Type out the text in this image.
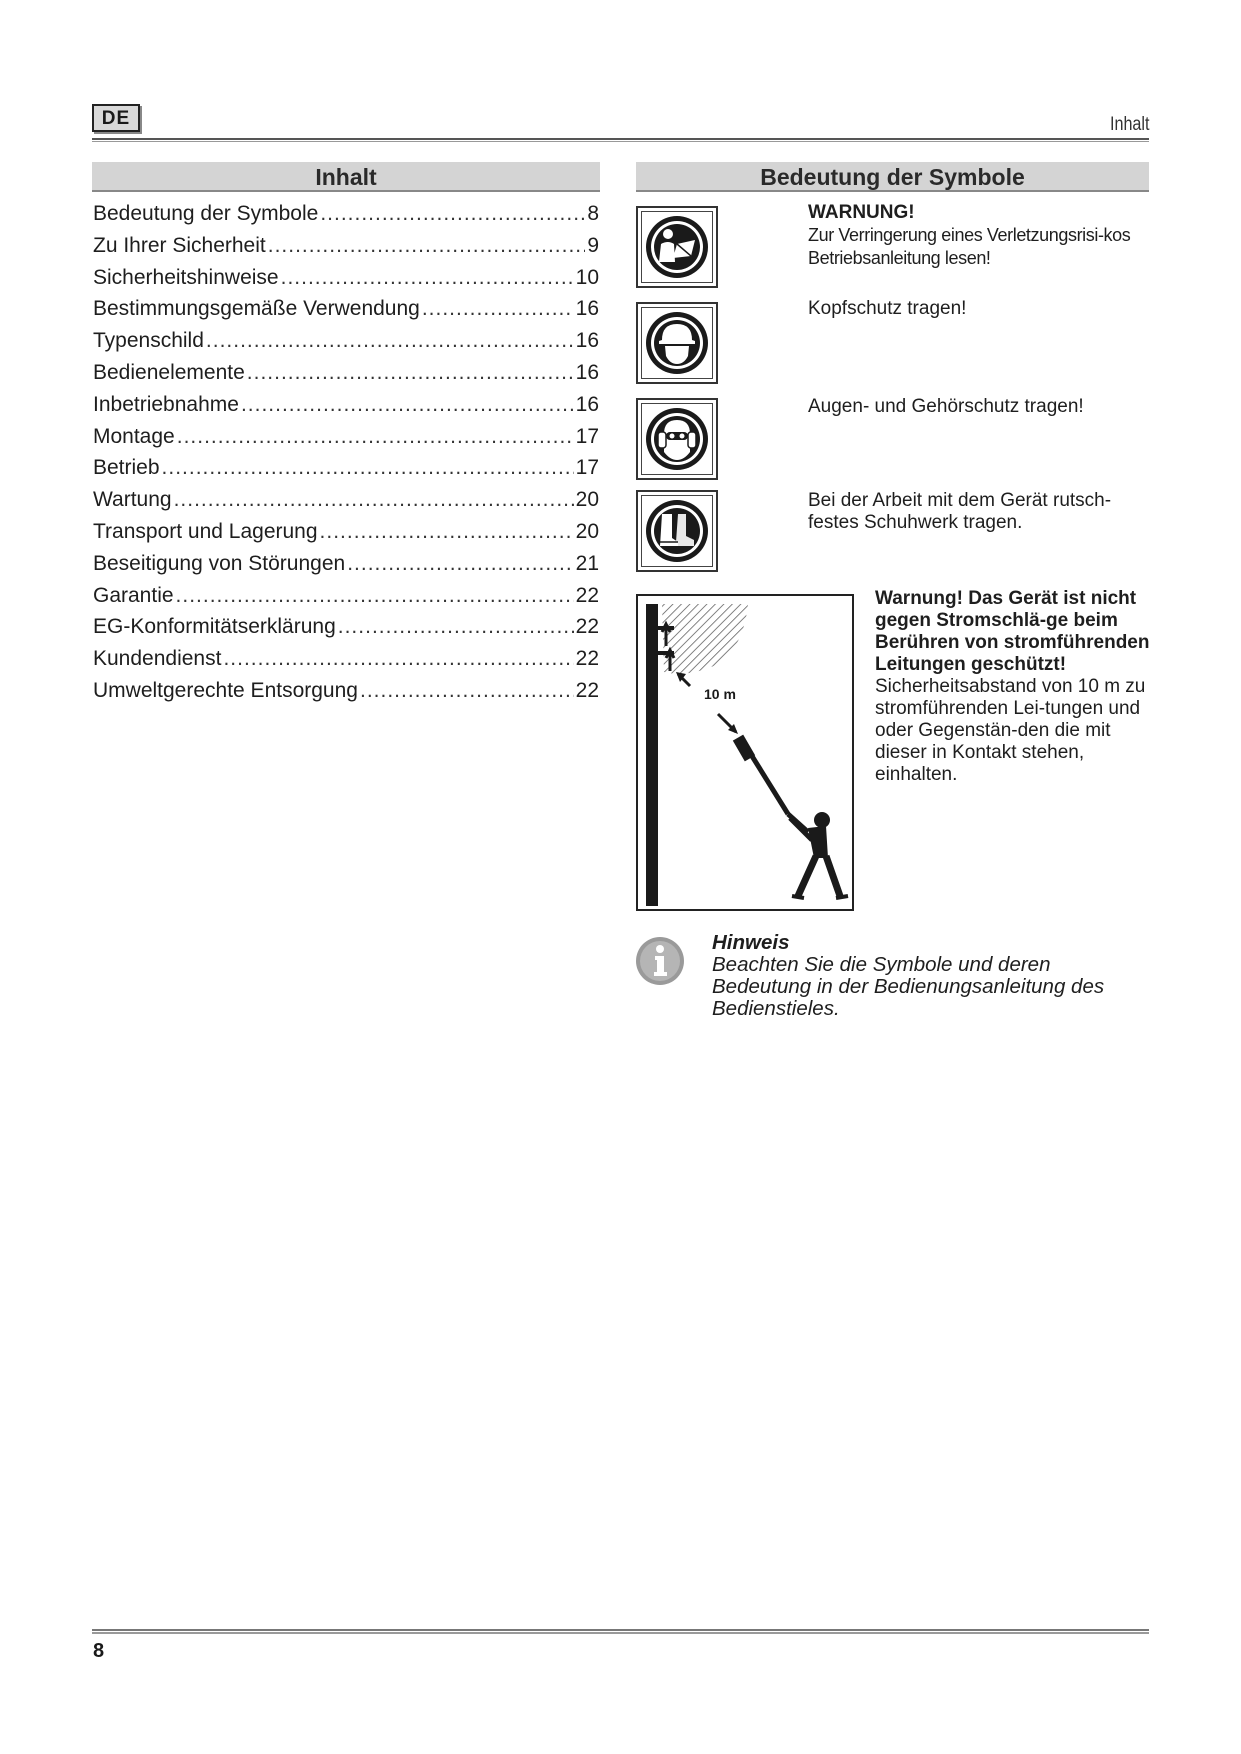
DE	Inhalt
Inhalt
Bedeutung der Symbole .....	8
Zu Ihrer Sicherheit .....	9
Sicherheitshinweise .....	10
Bestimmungsgemäße Verwendung .....	16
Typenschild .....	16
Bedienelemente .....	16
Inbetriebnahme .....	16
Montage .....	17
Betrieb .....	17
Wartung .....	20
Transport und Lagerung .....	20
Beseitigung von Störungen .....	21
Garantie .....	22
EG-Konformitätserklärung .....	22
Kundendienst .....	22
Umweltgerechte Entsorgung .....	22
Bedeutung der Symbole
WARNUNG!
Zur Verringerung eines Verletzungsrisi-kos Betriebsanleitung lesen!
Kopfschutz tragen!
Augen- und Gehörschutz tragen!
Bei der Arbeit mit dem Gerät rutsch-festes Schuhwerk tragen.
10 m
Warnung! Das Gerät ist nicht gegen Stromschlä-ge beim Berühren von stromführenden Leitungen geschützt!
Sicherheitsabstand von 10 m zu stromführenden Lei-tungen und oder Gegenstän-den die mit dieser in Kontakt stehen, einhalten.
Hinweis
Beachten Sie die Symbole und deren Bedeutung in der Bedienungsanleitung des Bedienstieles.
8
